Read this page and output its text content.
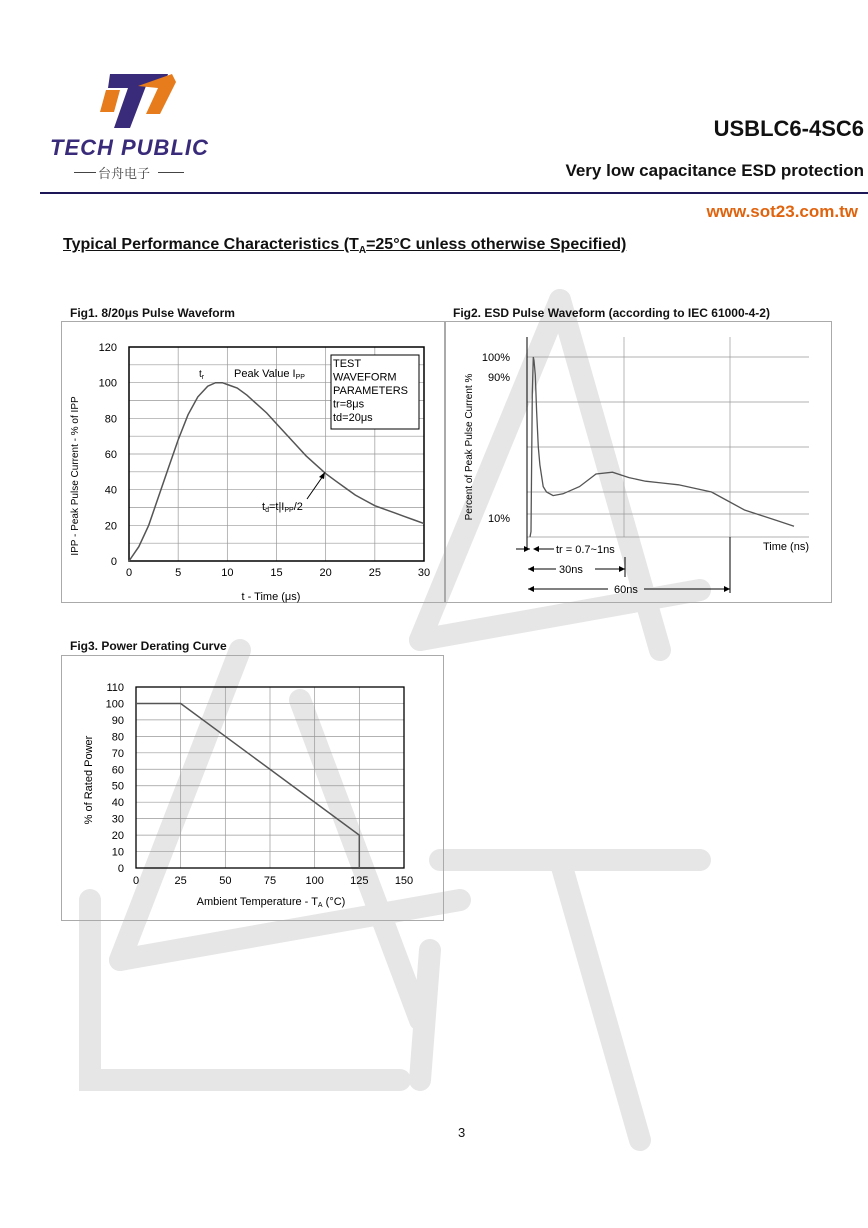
TECH PUBLIC
台舟电子
USBLC6-4SC6
Very low capacitance ESD protection
www.sot23.com.tw
Typical Performance Characteristics ($T_A=25^\circ C$ unless otherwise Specified)
Fig1. 8/20μs Pulse Waveform	Fig2. ESD Pulse Waveform (according to IEC 61000-4-2)
Fig3. Power Derating Curve
0	5	10	15	20	25	30
0
20
40
60
80
100
120
t - Time (μs)
IPP - Peak Pulse Current - % of IPP
$t_r$	Peak Value IPP
TEST
WAVEFORM
PARAMETERS
tr=8μs
td=20μs
td=t|IPP/2
100%
90%
10%
Percent of Peak Pulse Current %
Time (ns)
tr = 0.7~1ns
30ns
60ns
0	25	50	75	100 125 150
0
10
20
30
40
50
60
70
80
90
100
110
% of Rated Power
Ambient Temperature - TA (°C)
3
